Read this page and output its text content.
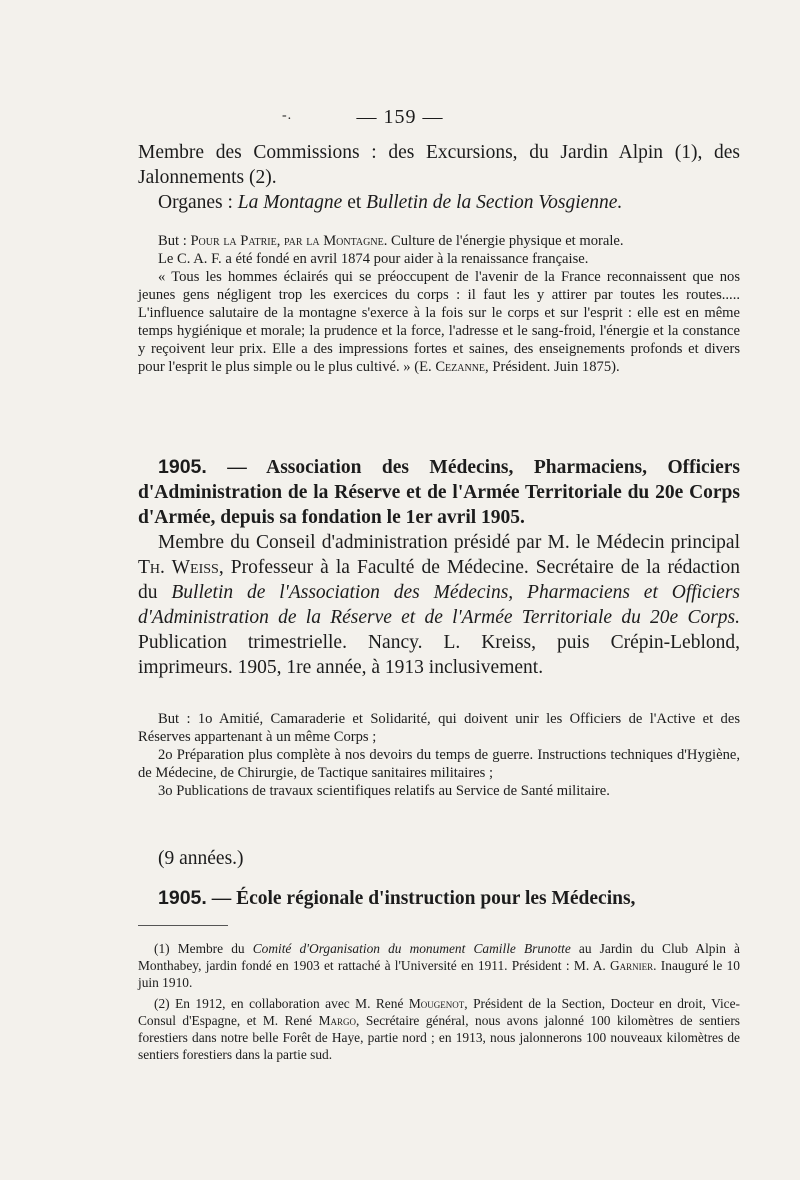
-.	— 159 —

Membre des Commissions : des Excursions, du Jardin Alpin (1), des Jalonnements (2).

Organes : La Montagne et Bulletin de la Section Vosgienne.

But : Pour la Patrie, par la Montagne. Culture de l'énergie physique et morale.

Le C. A. F. a été fondé en avril 1874 pour aider à la renaissance française.

« Tous les hommes éclairés qui se préoccupent de l'avenir de la France reconnaissent que nos jeunes gens négligent trop les exercices du corps : il faut les y attirer par toutes les routes..... L'influence salutaire de la montagne s'exerce à la fois sur le corps et sur l'esprit : elle est en même temps hygiénique et morale; la prudence et la force, l'adresse et le sang-froid, l'énergie et la constance y reçoivent leur prix. Elle a des impressions fortes et saines, des enseignements profonds et divers pour l'esprit le plus simple ou le plus cultivé. » (E. Cezanne, Président. Juin 1875).

1905. — Association des Médecins, Pharmaciens, Officiers d'Administration de la Réserve et de l'Armée Territoriale du 20e Corps d'Armée, depuis sa fondation le 1er avril 1905.

Membre du Conseil d'administration présidé par M. le Médecin principal Th. Weiss, Professeur à la Faculté de Médecine. Secrétaire de la rédaction du Bulletin de l'Association des Médecins, Pharmaciens et Officiers d'Administration de la Réserve et de l'Armée Territoriale du 20e Corps. Publication trimestrielle. Nancy. L. Kreiss, puis Crépin-Leblond, imprimeurs. 1905, 1re année, à 1913 inclusivement.

But : 1o Amitié, Camaraderie et Solidarité, qui doivent unir les Officiers de l'Active et des Réserves appartenant à un même Corps ;

2o Préparation plus complète à nos devoirs du temps de guerre. Instructions techniques d'Hygiène, de Médecine, de Chirurgie, de Tactique sanitaires militaires ;

3o Publications de travaux scientifiques relatifs au Service de Santé militaire.

(9 années.)

1905. — École régionale d'instruction pour les Médecins,

(1) Membre du Comité d'Organisation du monument Camille Brunotte au Jardin du Club Alpin à Monthabey, jardin fondé en 1903 et rattaché à l'Université en 1911. Président : M. A. Garnier. Inauguré le 10 juin 1910.

(2) En 1912, en collaboration avec M. René Mougenot, Président de la Section, Docteur en droit, Vice-Consul d'Espagne, et M. René Margo, Secrétaire général, nous avons jalonné 100 kilomètres de sentiers forestiers dans notre belle Forêt de Haye, partie nord ; en 1913, nous jalonnerons 100 nouveaux kilomètres de sentiers forestiers dans la partie sud.
